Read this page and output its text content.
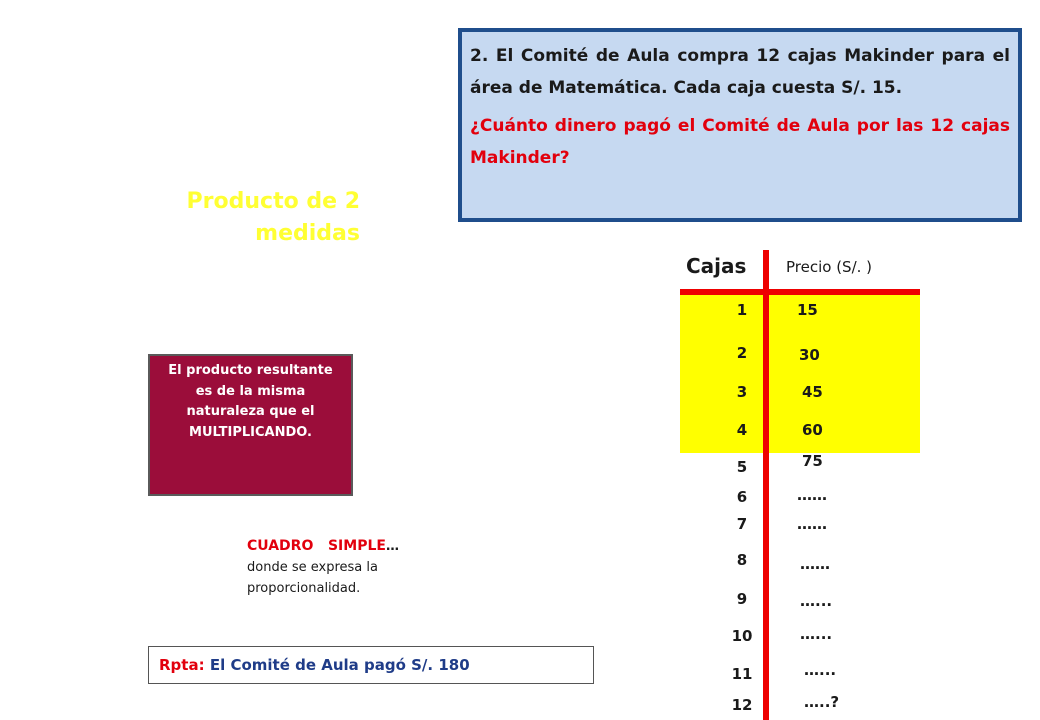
2. El Comité de Aula compra 12 cajas Makinder para el área de Matemática. Cada caja cuesta S/. 15.

¿Cuánto dinero pagó el Comité de Aula por las 12 cajas Makinder?

Producto de 2 medidas
El producto resultante es de la misma naturaleza que el MULTIPLICANDO.
CUADRO   SIMPLE…
donde se expresa la
proporcionalidad.
Rpta: El Comité de Aula pagó S/. 180
Cajas	Precio (S/. )
1
2
3
4
5
6
7
8
9
10
11
12
15
30
45
60
75
……
……
……
…...
…...
…...
…..?
